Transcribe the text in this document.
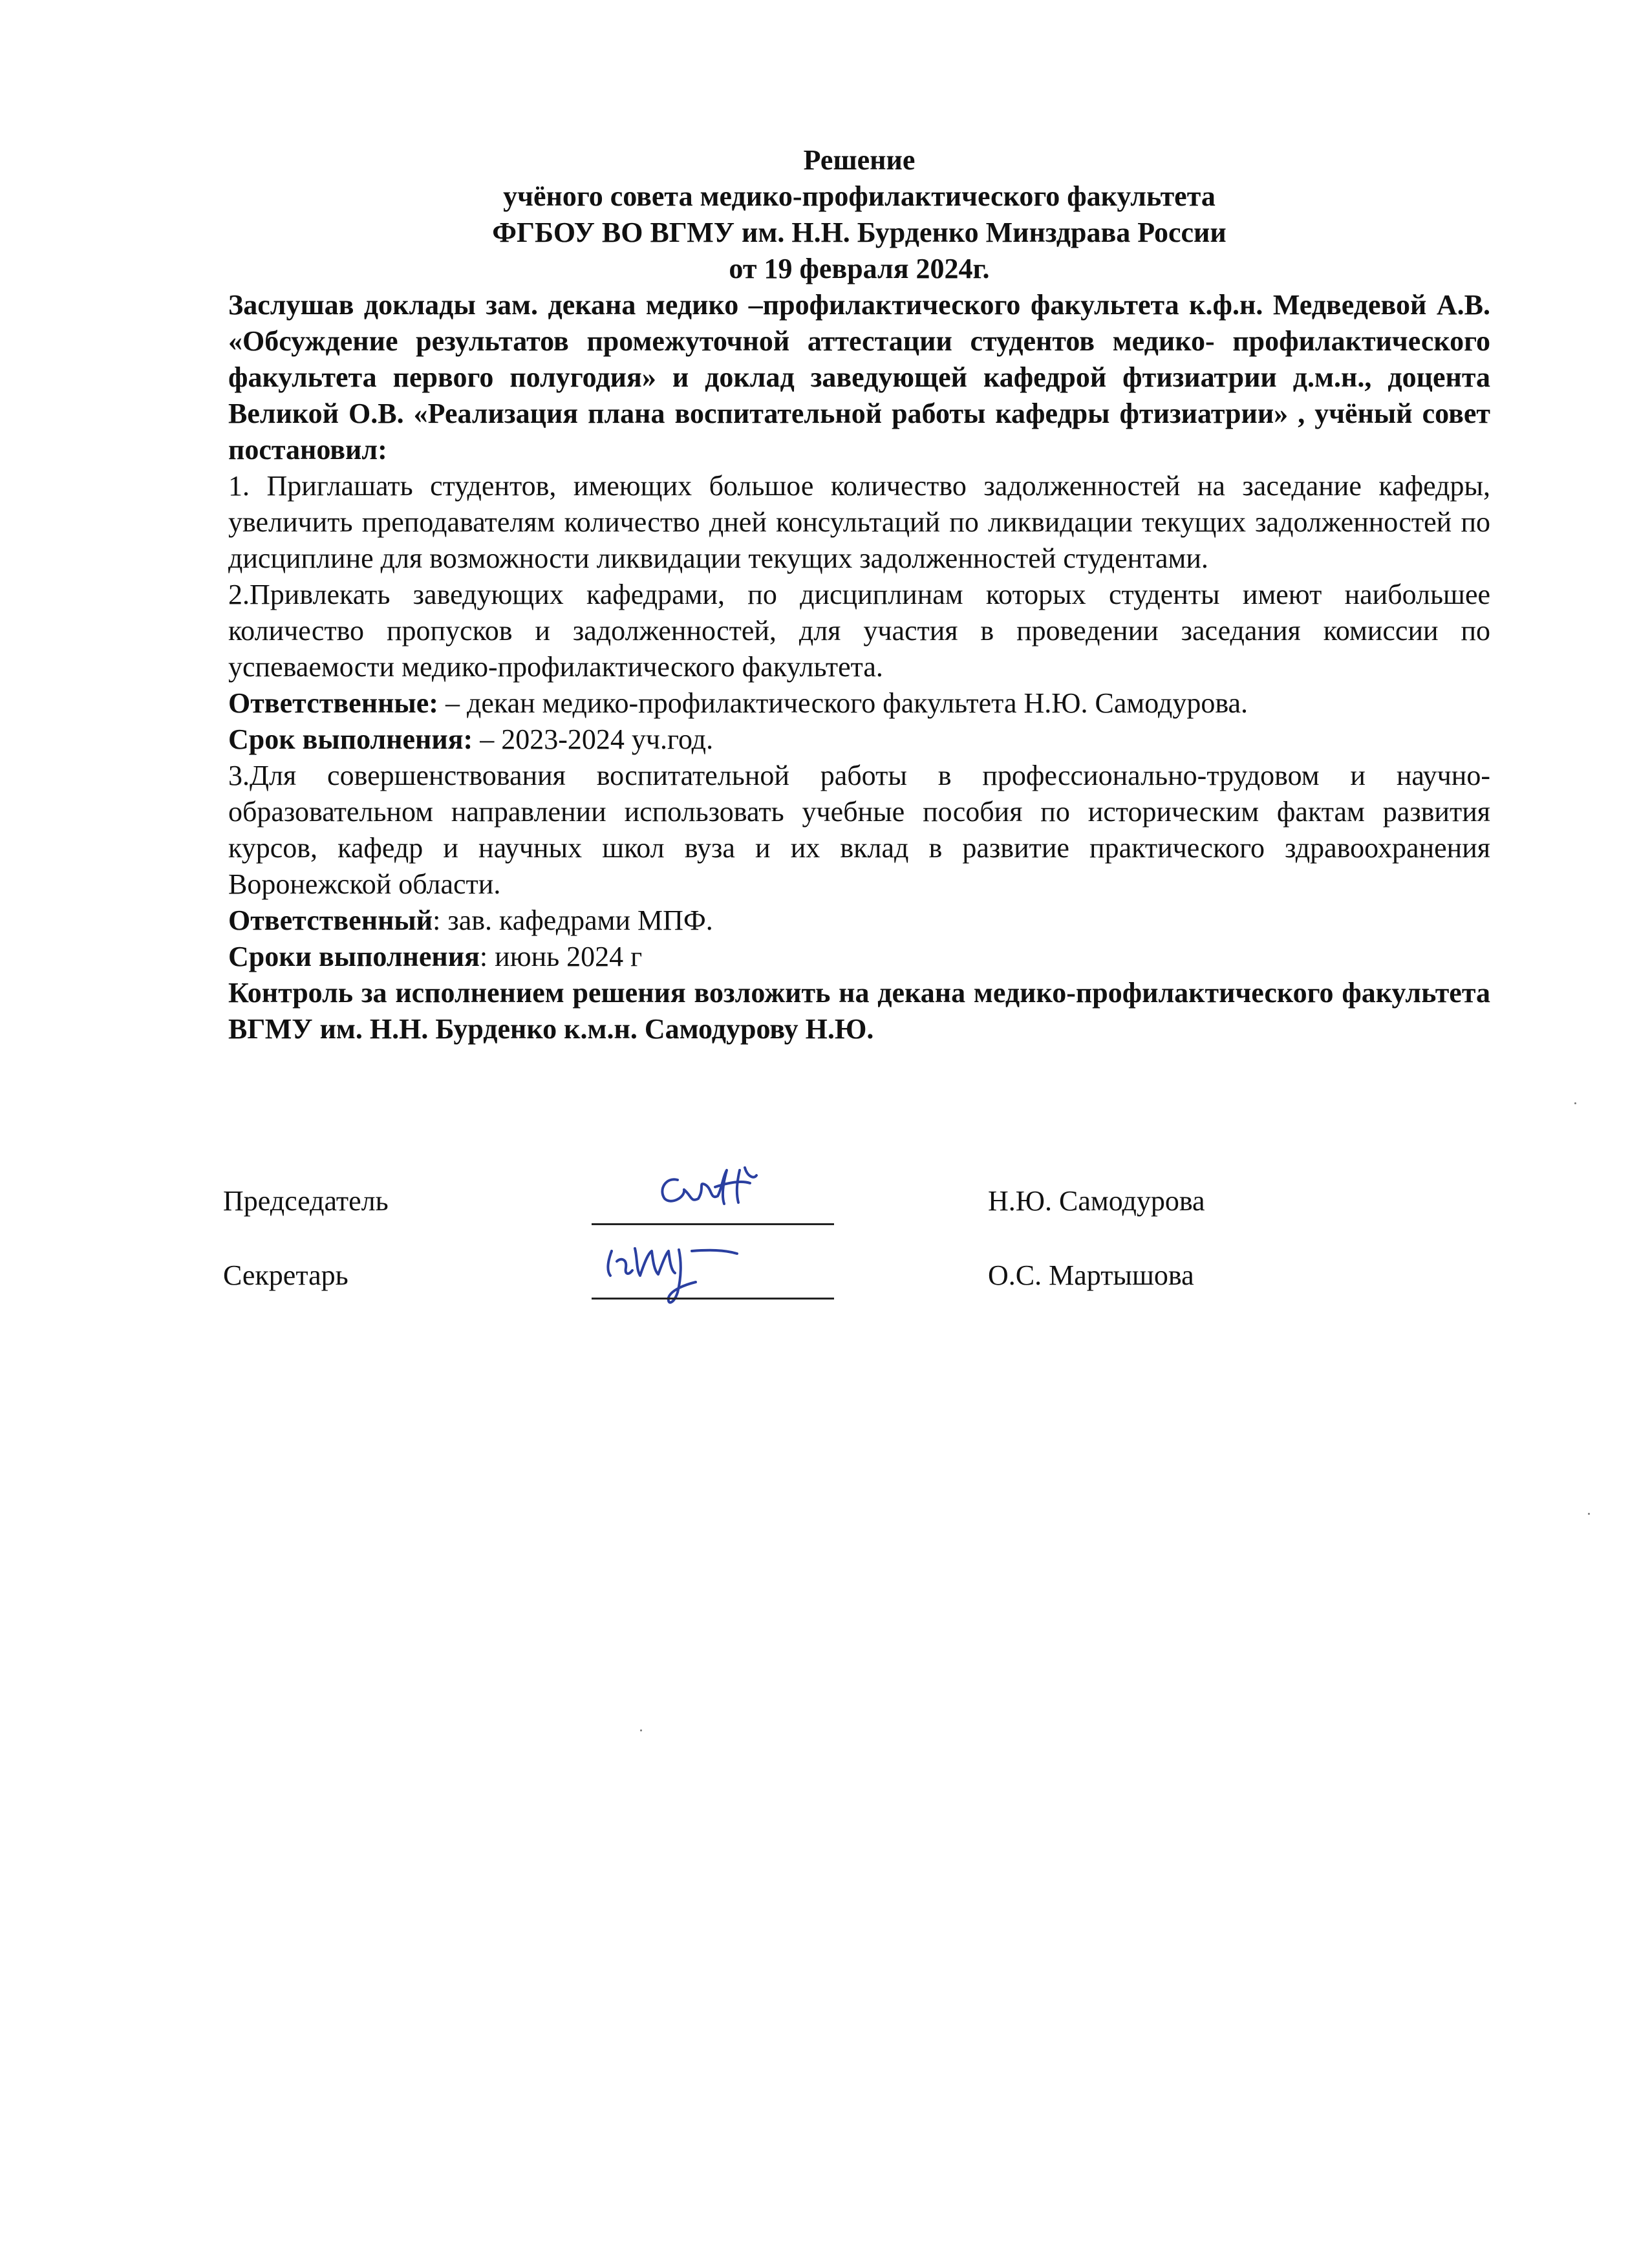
Решение
учёного совета медико-профилактического факультета
ФГБОУ ВО ВГМУ им. Н.Н. Бурденко Минздрава России
от 19 февраля 2024г.

Заслушав доклады зам. декана медико –профилактического факультета к.ф.н. Медведевой А.В. «Обсуждение результатов промежуточной аттестации студентов медико- профилактического факультета первого полугодия» и доклад заведующей кафедрой фтизиатрии д.м.н., доцента Великой О.В. «Реализация плана воспитательной работы кафедры фтизиатрии» , учёный совет постановил:

1. Приглашать студентов, имеющих большое количество задолженностей на заседание кафедры, увеличить преподавателям количество дней консультаций по ликвидации текущих задолженностей по дисциплине для возможности ликвидации текущих задолженностей студентами.

2.Привлекать заведующих кафедрами, по дисциплинам которых студенты имеют наибольшее количество пропусков и задолженностей, для участия в проведении заседания комиссии по успеваемости медико-профилактического факультета.

Ответственные: – декан медико-профилактического факультета Н.Ю. Самодурова.

Срок выполнения: – 2023-2024 уч.год.

3.Для совершенствования воспитательной работы в профессионально-трудовом и научно-образовательном направлении использовать учебные пособия по историческим фактам развития курсов, кафедр и научных школ вуза и их вклад в развитие практического здравоохранения Воронежской области.

Ответственный: зав. кафедрами МПФ.

Сроки выполнения: июнь 2024 г

Контроль за исполнением решения возложить на декана медико-профилактического факультета ВГМУ им. Н.Н. Бурденко к.м.н. Самодурову Н.Ю.

Председатель	Н.Ю. Самодурова
Секретарь	О.С. Мартышова
